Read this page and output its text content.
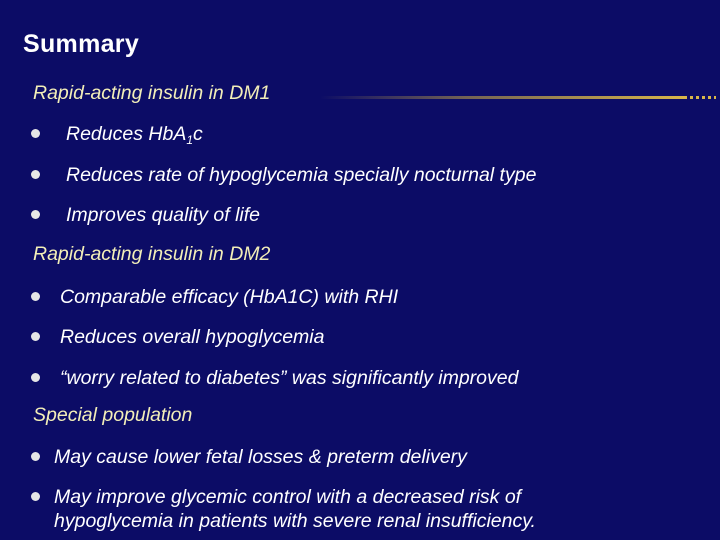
Summary
Rapid-acting insulin in DM1
Reduces HbA$_1$c
Reduces rate of hypoglycemia specially nocturnal type
Improves quality of life
Rapid-acting insulin in DM2
Comparable efficacy (HbA1C) with RHI
Reduces overall hypoglycemia
“worry related to diabetes” was significantly improved
Special population
May cause lower fetal losses & preterm delivery
May improve glycemic control with a decreased risk of
hypoglycemia in patients with severe renal insufficiency.
